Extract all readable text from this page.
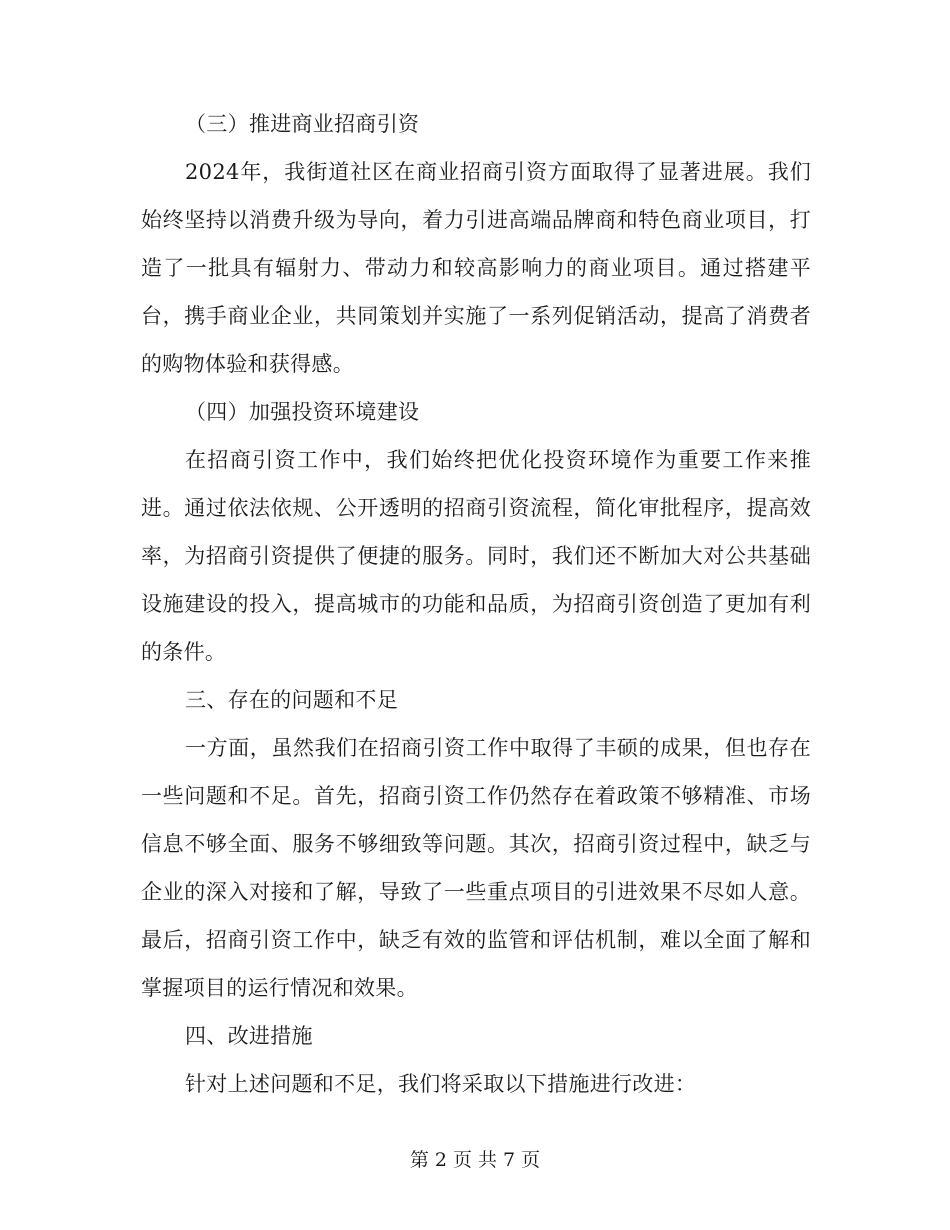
（三）推进商业招商引资

2024年，我街道社区在商业招商引资方面取得了显著进展。我们始终坚持以消费升级为导向，着力引进高端品牌商和特色商业项目，打造了一批具有辐射力、带动力和较高影响力的商业项目。通过搭建平台，携手商业企业，共同策划并实施了一系列促销活动，提高了消费者的购物体验和获得感。

（四）加强投资环境建设

在招商引资工作中，我们始终把优化投资环境作为重要工作来推进。通过依法依规、公开透明的招商引资流程，简化审批程序，提高效率，为招商引资提供了便捷的服务。同时，我们还不断加大对公共基础设施建设的投入，提高城市的功能和品质，为招商引资创造了更加有利的条件。

三、存在的问题和不足

一方面，虽然我们在招商引资工作中取得了丰硕的成果，但也存在一些问题和不足。首先，招商引资工作仍然存在着政策不够精准、市场信息不够全面、服务不够细致等问题。其次，招商引资过程中，缺乏与企业的深入对接和了解，导致了一些重点项目的引进效果不尽如人意。最后，招商引资工作中，缺乏有效的监管和评估机制，难以全面了解和掌握项目的运行情况和效果。

四、改进措施

针对上述问题和不足，我们将采取以下措施进行改进：

第 2 页 共 7 页
